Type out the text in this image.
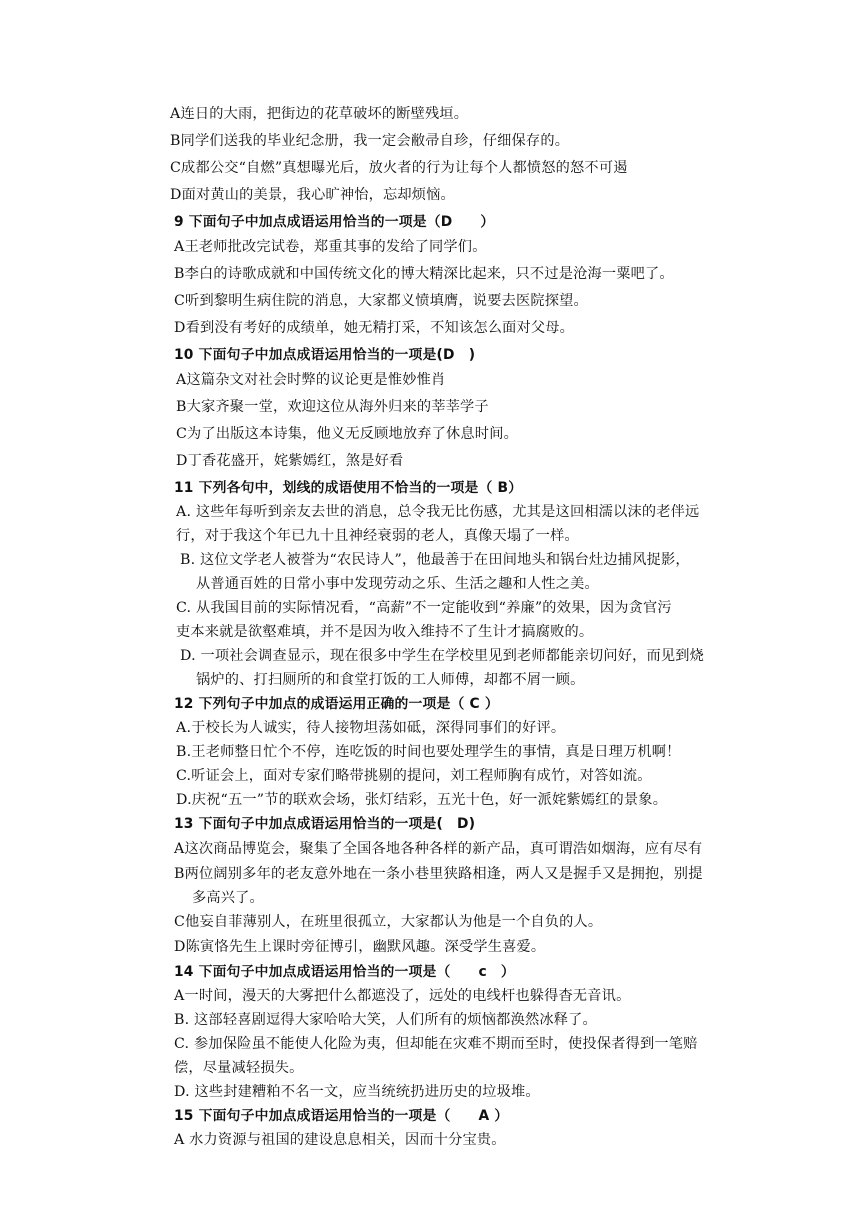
A连日的大雨，把街边的花草破坏的断壁残垣。
B同学们送我的毕业纪念册，我一定会敝帚自珍，仔细保存的。
C成都公交“自燃”真想曝光后，放火者的行为让每个人都愤怒的怒不可遏
D面对黄山的美景，我心旷神怡，忘却烦恼。
9 下面句子中加点成语运用恰当的一项是（D　　）
A王老师批改完试卷，郑重其事的发给了同学们。
B李白的诗歌成就和中国传统文化的博大精深比起来，只不过是沧海一粟吧了。
C听到黎明生病住院的消息，大家都义愤填膺，说要去医院探望。
D看到没有考好的成绩单，她无精打采，不知该怎么面对父母。
10 下面句子中加点成语运用恰当的一项是(D　)
A这篇杂文对社会时弊的议论更是惟妙惟肖
B大家齐聚一堂，欢迎这位从海外归来的莘莘学子
C为了出版这本诗集，他义无反顾地放弃了休息时间。
D丁香花盛开，姹紫嫣红，煞是好看
11 下列各句中，划线的成语使用不恰当的一项是（ B）
A. 这些年每听到亲友去世的消息，总令我无比伤感，尤其是这回相濡以沫的老伴远
行，对于我这个年已九十且神经衰弱的老人，真像天塌了一样。
B. 这位文学老人被誉为“农民诗人”，他最善于在田间地头和锅台灶边捕风捉影，
从普通百姓的日常小事中发现劳动之乐、生活之趣和人性之美。
C. 从我国目前的实际情况看，“高薪”不一定能收到“养廉”的效果，因为贪官污
吏本来就是欲壑难填，并不是因为收入维持不了生计才搞腐败的。
D. 一项社会调查显示，现在很多中学生在学校里见到老师都能亲切问好，而见到烧
锅炉的、打扫厕所的和食堂打饭的工人师傅，却都不屑一顾。
12 下列句子中加点的成语运用正确的一项是（ C ）
A.于校长为人诚实，待人接物坦荡如砥，深得同事们的好评。
B.王老师整日忙个不停，连吃饭的时间也要处理学生的事情，真是日理万机啊！
C.听证会上，面对专家们略带挑剔的提问，刘工程师胸有成竹，对答如流。
D.庆祝“五一”节的联欢会场，张灯结彩，五光十色，好一派姹紫嫣红的景象。
13 下面句子中加点成语运用恰当的一项是(　D)
A这次商品博览会，聚集了全国各地各种各样的新产品，真可谓浩如烟海，应有尽有
B两位阔别多年的老友意外地在一条小巷里狭路相逢，两人又是握手又是拥抱，别提
多高兴了。
C他妄自菲薄别人，在班里很孤立，大家都认为他是一个自负的人。
D陈寅恪先生上课时旁征博引，幽默风趣。深受学生喜爱。
14 下面句子中加点成语运用恰当的一项是（　　c　）
A一时间，漫天的大雾把什么都遮没了，远处的电线杆也躲得杳无音讯。
B. 这部轻喜剧逗得大家哈哈大笑，人们所有的烦恼都涣然冰释了。
C. 参加保险虽不能使人化险为夷，但却能在灾难不期而至时，使投保者得到一笔赔
偿，尽量减轻损失。
D. 这些封建糟粕不名一文，应当统统扔进历史的垃圾堆。
15 下面句子中加点成语运用恰当的一项是（　　A ）
A 水力资源与祖国的建设息息相关，因而十分宝贵。
